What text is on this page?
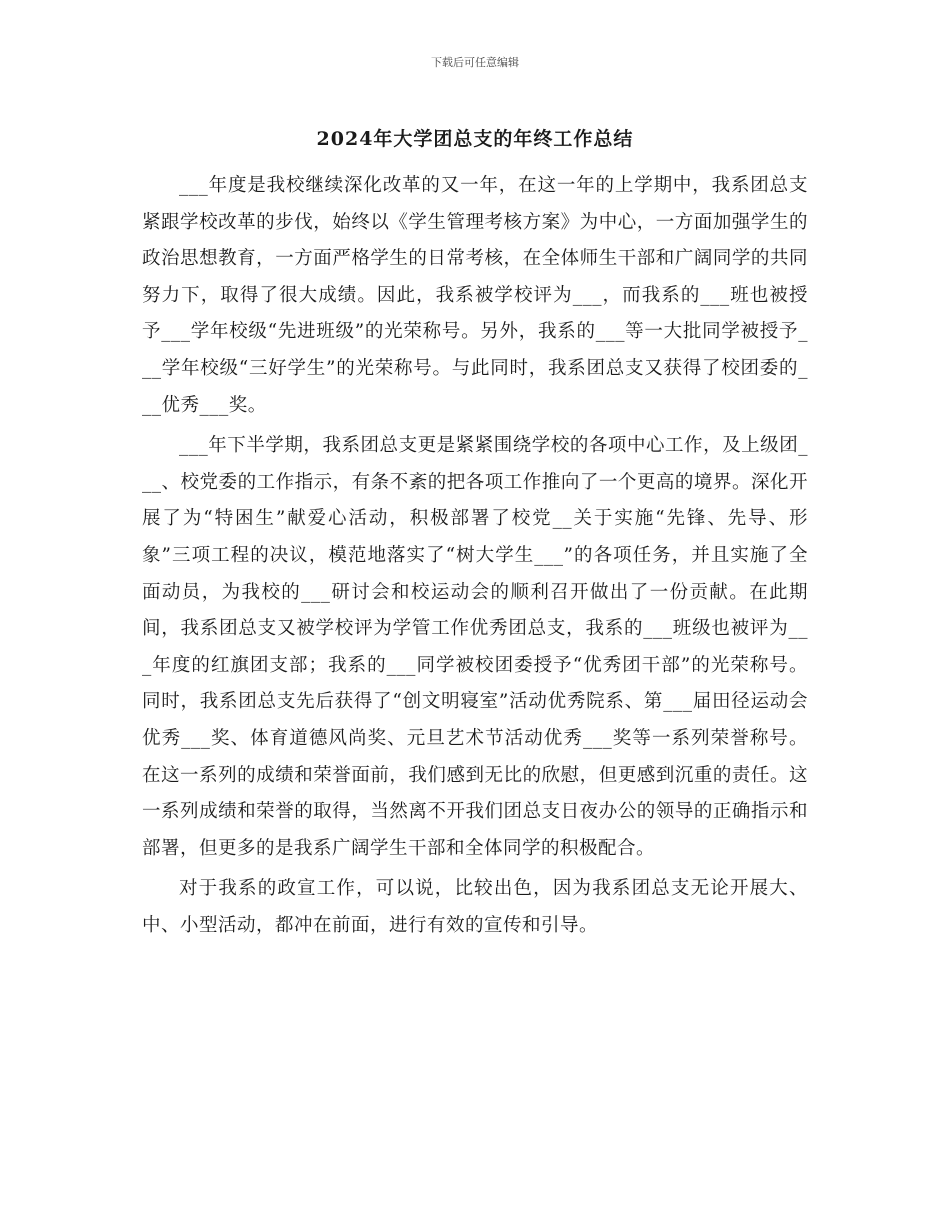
下载后可任意编辑
2024年大学团总支的年终工作总结

___年度是我校继续深化改革的又一年，在这一年的上学期中，我系团总支紧跟学校改革的步伐，始终以《学生管理考核方案》为中心，一方面加强学生的政治思想教育，一方面严格学生的日常考核，在全体师生干部和广阔同学的共同努力下，取得了很大成绩。因此，我系被学校评为___，而我系的___班也被授予___学年校级“先进班级”的光荣称号。另外，我系的___等一大批同学被授予___学年校级“三好学生”的光荣称号。与此同时，我系团总支又获得了校团委的___优秀___奖。

___年下半学期，我系团总支更是紧紧围绕学校的各项中心工作，及上级团___、校党委的工作指示，有条不紊的把各项工作推向了一个更高的境界。深化开展了为“特困生”献爱心活动，积极部署了校党__关于实施“先锋、先导、形象”三项工程的决议，模范地落实了“树大学生___”的各项任务，并且实施了全面动员，为我校的___研讨会和校运动会的顺利召开做出了一份贡献。在此期间，我系团总支又被学校评为学管工作优秀团总支，我系的___班级也被评为___年度的红旗团支部；我系的___同学被校团委授予“优秀团干部”的光荣称号。同时，我系团总支先后获得了“创文明寝室”活动优秀院系、第___届田径运动会优秀___奖、体育道德风尚奖、元旦艺术节活动优秀___奖等一系列荣誉称号。在这一系列的成绩和荣誉面前，我们感到无比的欣慰，但更感到沉重的责任。这一系列成绩和荣誉的取得，当然离不开我们团总支日夜办公的领导的正确指示和部署，但更多的是我系广阔学生干部和全体同学的积极配合。

对于我系的政宣工作，可以说，比较出色，因为我系团总支无论开展大、中、小型活动，都冲在前面，进行有效的宣传和引导。
